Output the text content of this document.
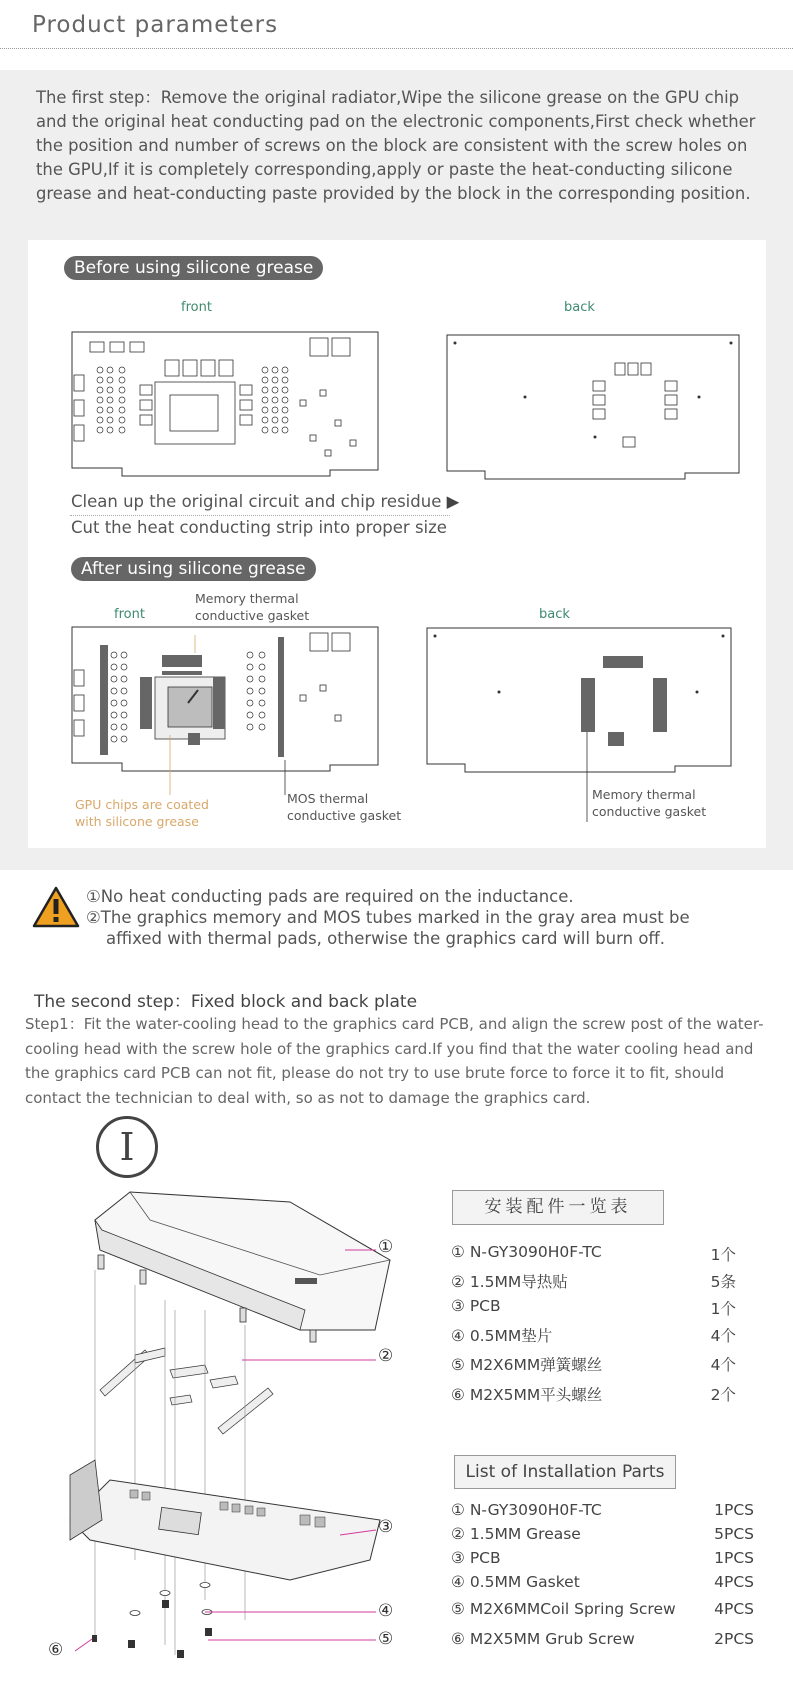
Product parameters
The first step：Remove the original radiator,Wipe the silicone grease on the GPU chip and the original heat conducting pad on the electronic components,First check whether the position and number of screws on the block are consistent with the screw holes on the GPU,If it is completely corresponding,apply or paste the heat-conducting silicone grease and heat-conducting paste provided by the block in the corresponding position.
Before using silicone grease
front	back
Clean up the original circuit and chip residue ▶
Cut the heat conducting strip into proper size
After using silicone grease
Memory thermal
conductive gasket
front	back
GPU chips are coated
with silicone grease
MOS thermal
conductive gasket
Memory thermal
conductive gasket
①No heat conducting pads are required on the inductance.
②The graphics memory and MOS tubes marked in the gray area must be
affixed with thermal pads, otherwise the graphics card will burn off.
The second step：Fixed block and back plate
Step1：Fit the water-cooling head to the graphics card PCB, and align the screw post of the water-cooling head with the screw hole of the graphics card.If you find that the water cooling head and the graphics card PCB can not fit, please do not try to use brute force to force it to fit, should contact the technician to deal with, so as not to damage the graphics card.
I
①
②
③
④
⑤
⑥
安装配件一览表
① N-GY3090H0F-TC	1个
② 1.5MM导热贴	5条
③ PCB	1个
④ 0.5MM垫片	4个
⑤ M2X6MM弹簧螺丝	4个
⑥ M2X5MM平头螺丝	2个
List of Installation Parts
① N-GY3090H0F-TC	1PCS
② 1.5MM Grease	5PCS
③ PCB	1PCS
④ 0.5MM Gasket	4PCS
⑤ M2X6MMCoil Spring Screw	4PCS
⑥ M2X5MM Grub Screw	2PCS
